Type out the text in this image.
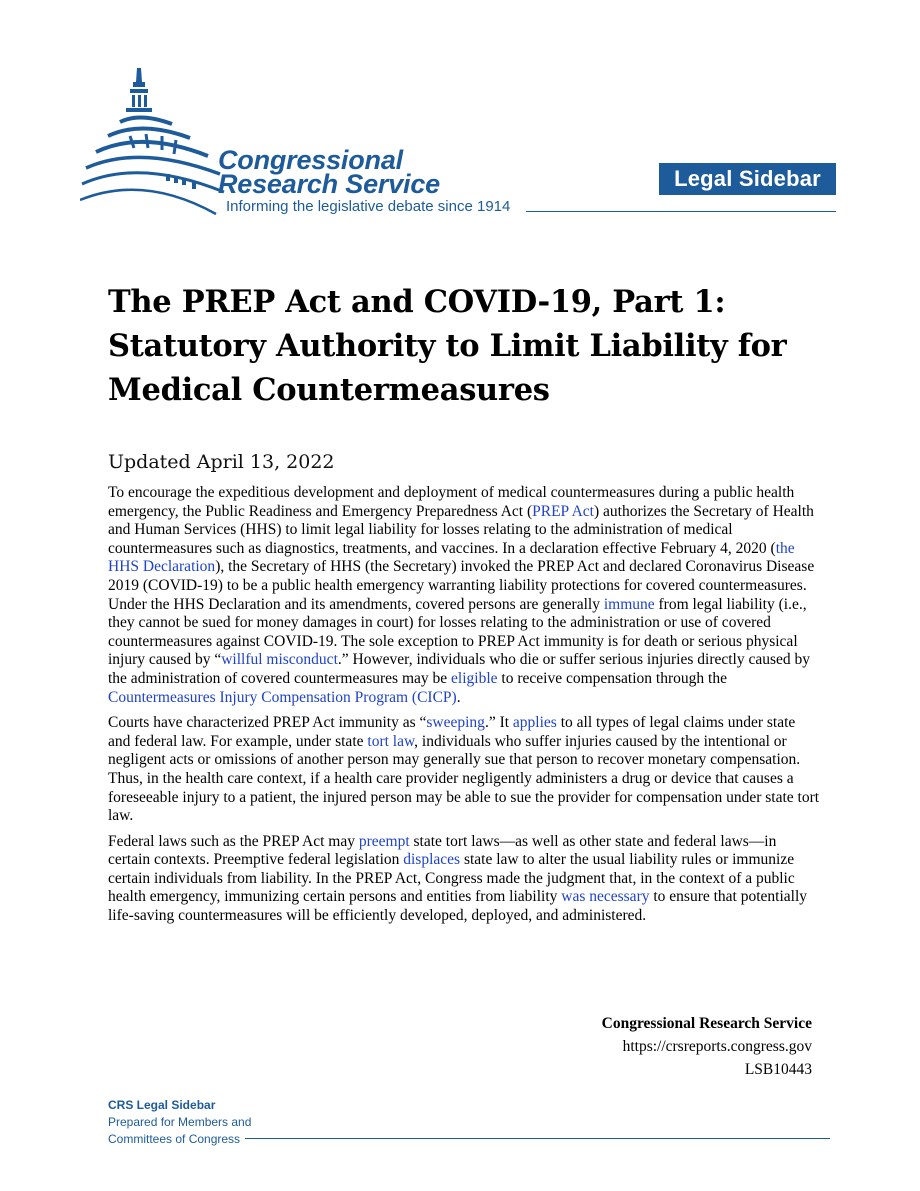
Congressional
Research Service
Informing the legislative debate since 1914
Legal Sidebar
The PREP Act and COVID-19, Part 1: Statutory Authority to Limit Liability for Medical Countermeasures
Updated April 13, 2022

To encourage the expeditious development and deployment of medical countermeasures during a public health emergency, the Public Readiness and Emergency Preparedness Act (PREP Act) authorizes the Secretary of Health and Human Services (HHS) to limit legal liability for losses relating to the administration of medical countermeasures such as diagnostics, treatments, and vaccines. In a declaration effective February 4, 2020 (the HHS Declaration), the Secretary of HHS (the Secretary) invoked the PREP Act and declared Coronavirus Disease 2019 (COVID-19) to be a public health emergency warranting liability protections for covered countermeasures. Under the HHS Declaration and its amendments, covered persons are generally immune from legal liability (i.e., they cannot be sued for money damages in court) for losses relating to the administration or use of covered countermeasures against COVID-19. The sole exception to PREP Act immunity is for death or serious physical injury caused by “willful misconduct.” However, individuals who die or suffer serious injuries directly caused by the administration of covered countermeasures may be eligible to receive compensation through the Countermeasures Injury Compensation Program (CICP).

Courts have characterized PREP Act immunity as “sweeping.” It applies to all types of legal claims under state and federal law. For example, under state tort law, individuals who suffer injuries caused by the intentional or negligent acts or omissions of another person may generally sue that person to recover monetary compensation. Thus, in the health care context, if a health care provider negligently administers a drug or device that causes a foreseeable injury to a patient, the injured person may be able to sue the provider for compensation under state tort law.

Federal laws such as the PREP Act may preempt state tort laws—as well as other state and federal laws—in certain contexts. Preemptive federal legislation displaces state law to alter the usual liability rules or immunize certain individuals from liability. In the PREP Act, Congress made the judgment that, in the context of a public health emergency, immunizing certain persons and entities from liability was necessary to ensure that potentially life-saving countermeasures will be efficiently developed, deployed, and administered.

Congressional Research Service
https://crsreports.congress.gov
LSB10443
CRS Legal Sidebar
Prepared for Members and
Committees of Congress
